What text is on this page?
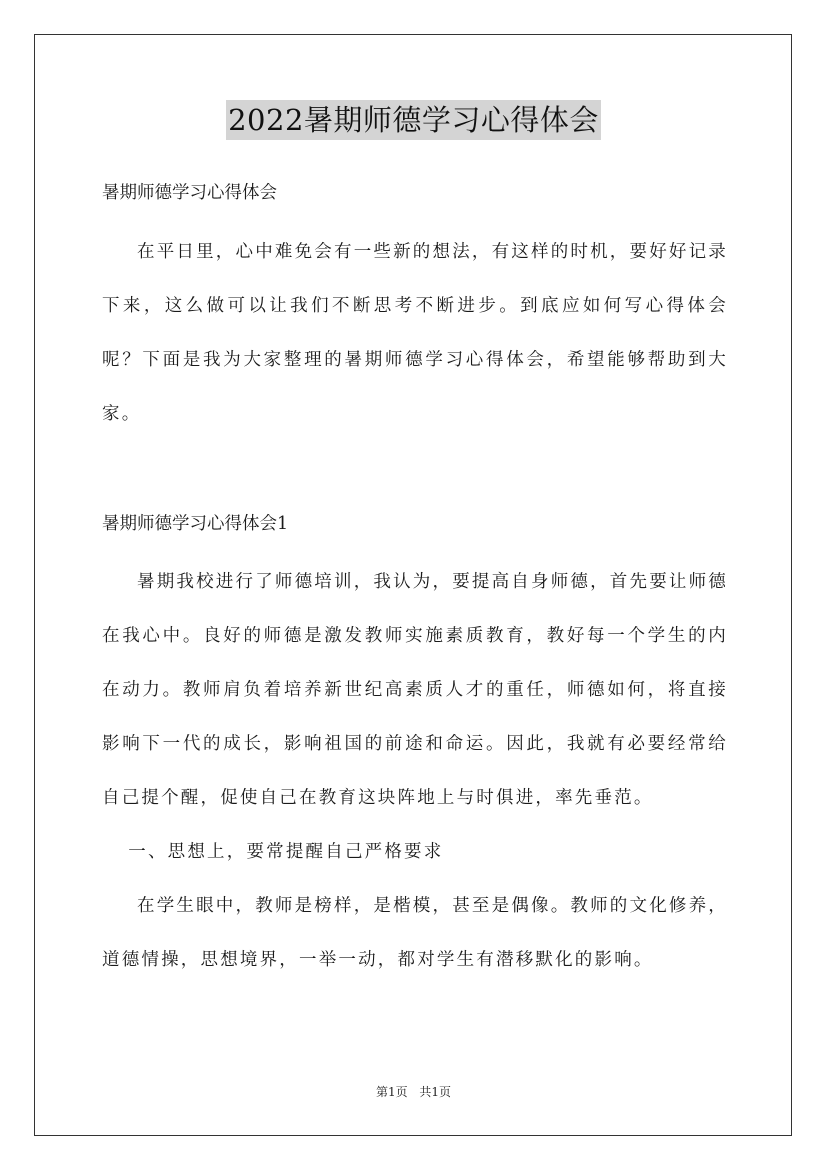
2022暑期师德学习心得体会

暑期师德学习心得体会

在平日里，心中难免会有一些新的想法，有这样的时机，要好好记录下来，这么做可以让我们不断思考不断进步。到底应如何写心得体会呢？下面是我为大家整理的暑期师德学习心得体会，希望能够帮助到大家。

暑期师德学习心得体会1

暑期我校进行了师德培训，我认为，要提高自身师德，首先要让师德在我心中。良好的师德是激发教师实施素质教育，教好每一个学生的内在动力。教师肩负着培养新世纪高素质人才的重任，师德如何，将直接影响下一代的成长，影响祖国的前途和命运。因此，我就有必要经常给自己提个醒，促使自己在教育这块阵地上与时俱进，率先垂范。

一、思想上，要常提醒自己严格要求

在学生眼中，教师是榜样，是楷模，甚至是偶像。教师的文化修养，道德情操，思想境界，一举一动，都对学生有潜移默化的影响。

第1页 共1页
